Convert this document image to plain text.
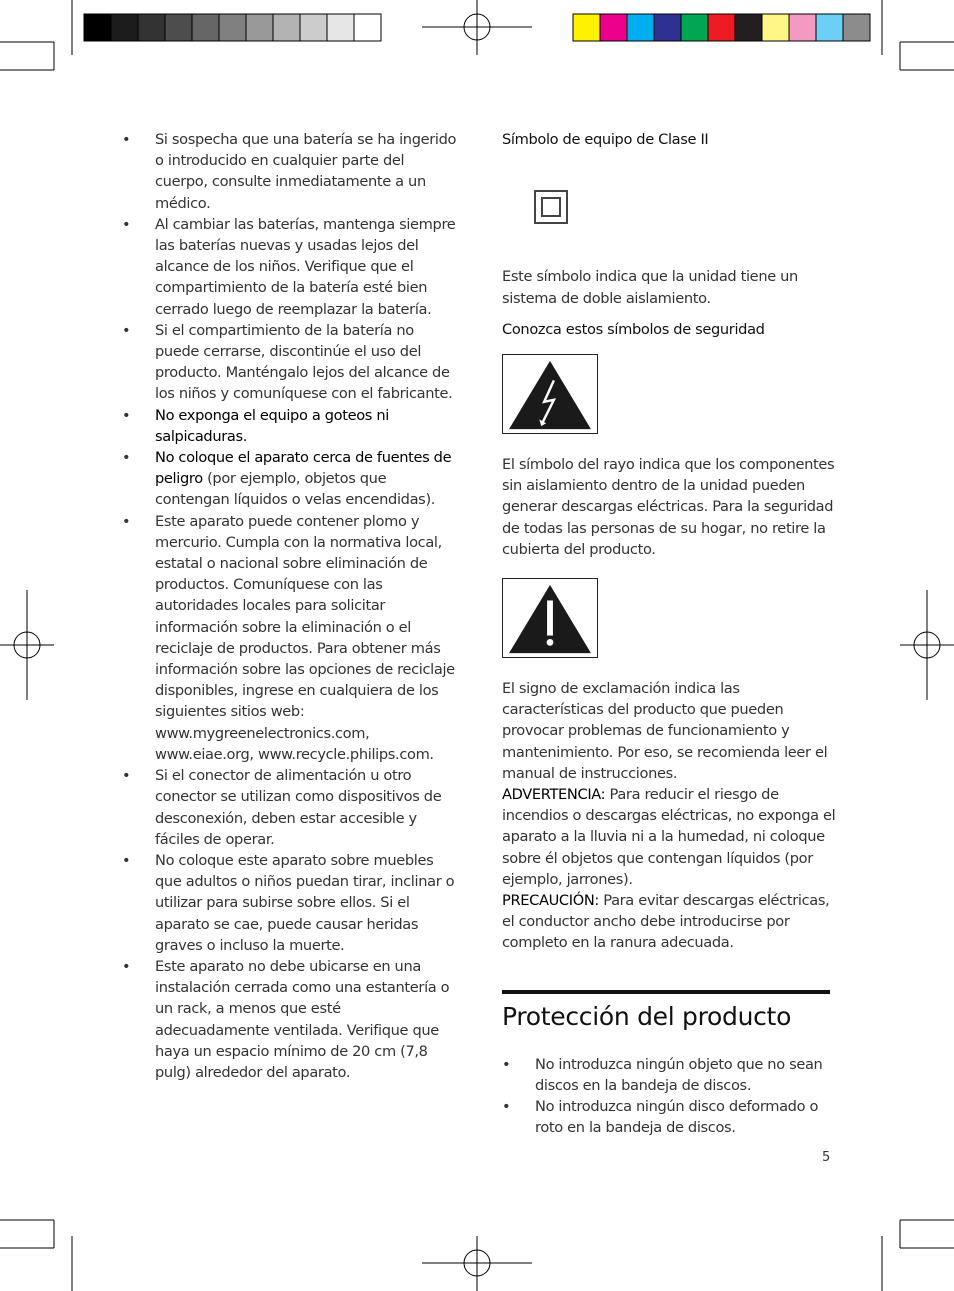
• Si sospecha que una batería se ha ingerido o introducido en cualquier parte del cuerpo, consulte inmediatamente a un médico.
• Al cambiar las baterías, mantenga siempre las baterías nuevas y usadas lejos del alcance de los niños. Verifique que el compartimiento de la batería esté bien cerrado luego de reemplazar la batería.
• Si el compartimiento de la batería no puede cerrarse, discontinúe el uso del producto. Manténgalo lejos del alcance de los niños y comuníquese con el fabricante.
• No exponga el equipo a goteos ni salpicaduras.
• No coloque el aparato cerca de fuentes de peligro (por ejemplo, objetos que contengan líquidos o velas encendidas).
• Este aparato puede contener plomo y mercurio. Cumpla con la normativa local, estatal o nacional sobre eliminación de productos. Comuníquese con las autoridades locales para solicitar información sobre la eliminación o el reciclaje de productos. Para obtener más información sobre las opciones de reciclaje disponibles, ingrese en cualquiera de los siguientes sitios web: www.mygreenelectronics.com, www.eiae.org, www.recycle.philips.com.
• Si el conector de alimentación u otro conector se utilizan como dispositivos de desconexión, deben estar accesible y fáciles de operar.
• No coloque este aparato sobre muebles que adultos o niños puedan tirar, inclinar o utilizar para subirse sobre ellos. Si el aparato se cae, puede causar heridas graves o incluso la muerte.
• Este aparato no debe ubicarse en una instalación cerrada como una estantería o un rack, a menos que esté adecuadamente ventilada. Verifique que haya un espacio mínimo de 20 cm (7,8 pulg) alrededor del aparato.

Símbolo de equipo de Clase II

Este símbolo indica que la unidad tiene un sistema de doble aislamiento.

Conozca estos símbolos de seguridad

El símbolo del rayo indica que los componentes sin aislamiento dentro de la unidad pueden generar descargas eléctricas. Para la seguridad de todas las personas de su hogar, no retire la cubierta del producto.

El signo de exclamación indica las características del producto que pueden provocar problemas de funcionamiento y mantenimiento. Por eso, se recomienda leer el manual de instrucciones.

ADVERTENCIA: Para reducir el riesgo de incendios o descargas eléctricas, no exponga el aparato a la lluvia ni a la humedad, ni coloque sobre él objetos que contengan líquidos (por ejemplo, jarrones).

PRECAUCIÓN: Para evitar descargas eléctricas, el conductor ancho debe introducirse por completo en la ranura adecuada.

Protección del producto
• No introduzca ningún objeto que no sean discos en la bandeja de discos.
• No introduzca ningún disco deformado o roto en la bandeja de discos.
5
